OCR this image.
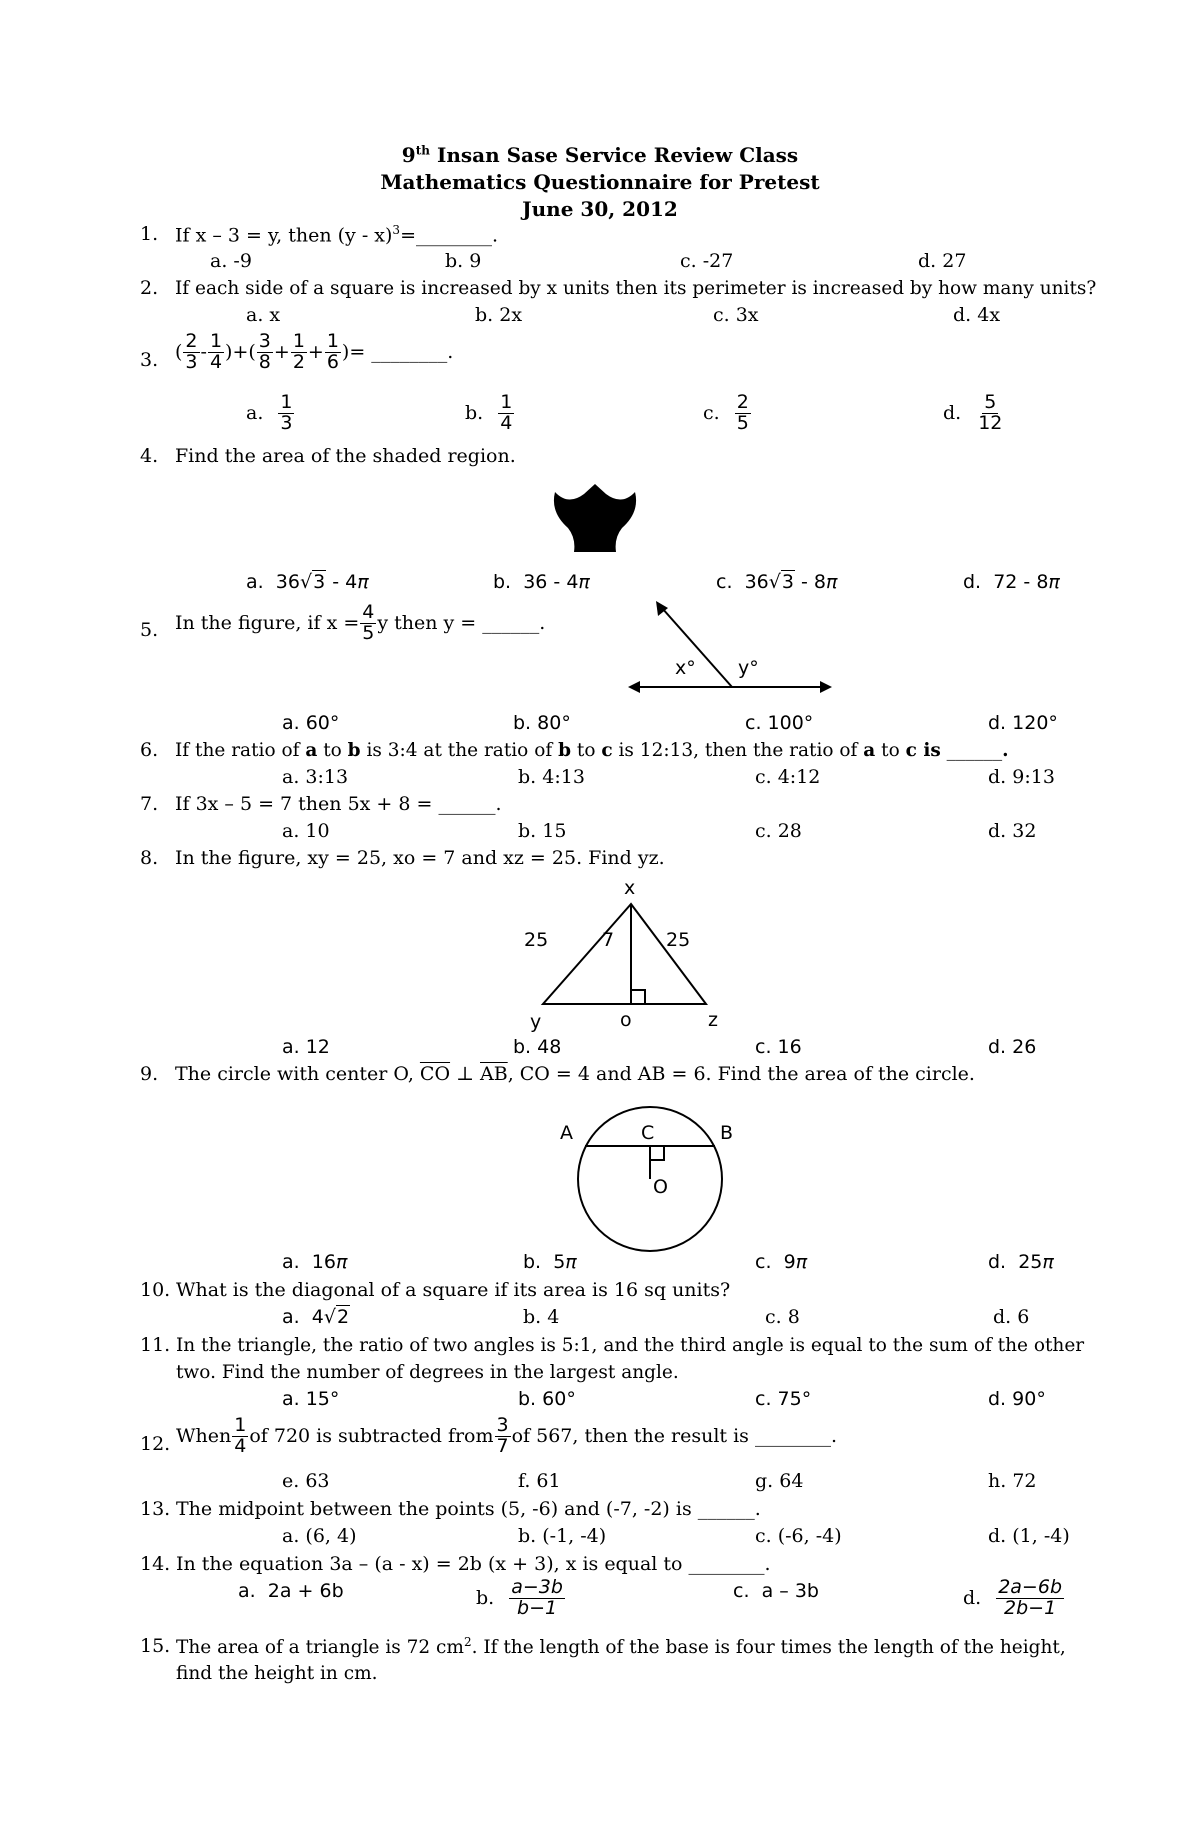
9th Insan Sase Service Review Class
Mathematics Questionnaire for Pretest
June 30, 2012
1. If x – 3 = y, then (y - x)$^3$=________.
a. -9	b. 9	c. -27	d. 27
2. If each side of a square is increased by x units then its perimeter is increased by how many units?
a. x	b. 2x	c. 3x	d. 4x
3. ( $\frac{2}{3} - \frac{1}{4}$ ) + ( $\frac{3}{8} + \frac{1}{2} + \frac{1}{6}$ ) = ________.
a. $\frac{1}{3}$	b. $\frac{1}{4}$	c. $\frac{2}{5}$	d. $\frac{5}{12}$
4. Find the area of the shaded region.
a. 36√3 - 4π	b. 36 - 4π	c. 36√3 - 8π	d. 72 - 8π
5. In the figure, if $x = \frac{4}{5}$ y then y = ______.
x° y°
a. 60°	b. 80°	c. 100°	d. 120°
6. If the ratio of a to b is 3:4 at the ratio of b to c is 12:13, then the ratio of a to c is ______.
a. 3:13	b. 4:13	c. 4:12	d. 9:13
7. If 3x – 5 = 7 then 5x + 8 = ______.
a. 10	b. 15	c. 28	d. 32
8. In the figure, xy = 25, xo = 7 and xz = 25. Find yz.
x
25	7	25
y	o	z
a. 12	b. 48	c. 16	d. 26
9. The circle with center O, $\overline{CO}$ ⊥ $\overline{AB}$, CO = 4 and AB = 6. Find the area of the circle.
A	C	B
O
a. 16π	b. 5π	c. 9π	d. 25π
10. What is the diagonal of a square if its area is 16 sq units?
a. 4√2	b. 4	c. 8	d. 6
11. In the triangle, the ratio of two angles is 5:1, and the third angle is equal to the sum of the other
two. Find the number of degrees in the largest angle.
a. 15°	b. 60°	c. 75°	d. 90°
12. When $\frac{1}{4}$ of 720 is subtracted from $\frac{3}{7}$ of 567, then the result is ________.
e. 63	f. 61	g. 64	h. 72
13. The midpoint between the points (5, -6) and (-7, -2) is ______.
a. (6, 4)	b. (-1, -4)	c. (-6, -4)	d. (1, -4)
14. In the equation 3a – (a - x) = 2b (x + 3), x is equal to ________.
a. 2a + 6b	b. $\frac{a-3b}{b-1}$	c. a – 3b	d. $\frac{2a-6b}{2b-1}$
15. The area of a triangle is 72 $cm^2$. If the length of the base is four times the length of the height,
find the height in cm.
